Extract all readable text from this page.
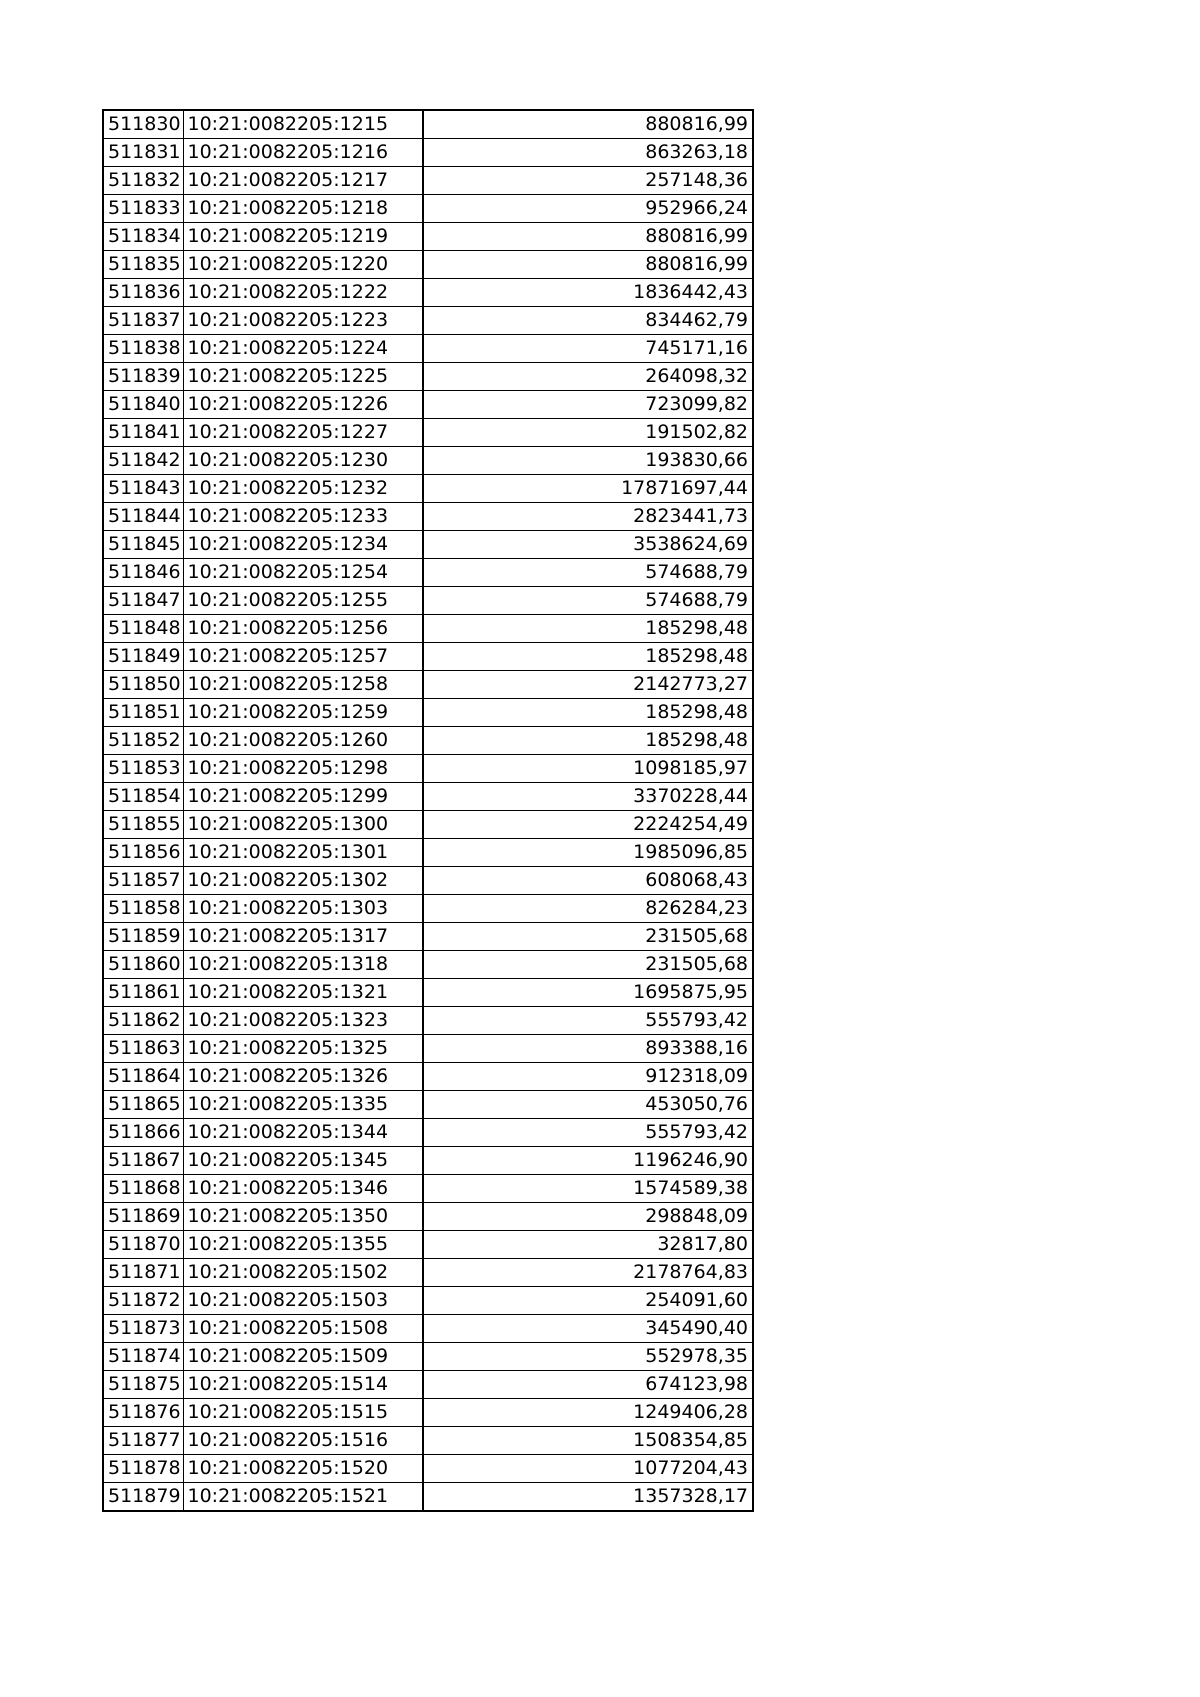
511830	10:21:0082205:1215	880816,99
511831	10:21:0082205:1216	863263,18
511832	10:21:0082205:1217	257148,36
511833	10:21:0082205:1218	952966,24
511834	10:21:0082205:1219	880816,99
511835	10:21:0082205:1220	880816,99
511836	10:21:0082205:1222	1836442,43
511837	10:21:0082205:1223	834462,79
511838	10:21:0082205:1224	745171,16
511839	10:21:0082205:1225	264098,32
511840	10:21:0082205:1226	723099,82
511841	10:21:0082205:1227	191502,82
511842	10:21:0082205:1230	193830,66
511843	10:21:0082205:1232	17871697,44
511844	10:21:0082205:1233	2823441,73
511845	10:21:0082205:1234	3538624,69
511846	10:21:0082205:1254	574688,79
511847	10:21:0082205:1255	574688,79
511848	10:21:0082205:1256	185298,48
511849	10:21:0082205:1257	185298,48
511850	10:21:0082205:1258	2142773,27
511851	10:21:0082205:1259	185298,48
511852	10:21:0082205:1260	185298,48
511853	10:21:0082205:1298	1098185,97
511854	10:21:0082205:1299	3370228,44
511855	10:21:0082205:1300	2224254,49
511856	10:21:0082205:1301	1985096,85
511857	10:21:0082205:1302	608068,43
511858	10:21:0082205:1303	826284,23
511859	10:21:0082205:1317	231505,68
511860	10:21:0082205:1318	231505,68
511861	10:21:0082205:1321	1695875,95
511862	10:21:0082205:1323	555793,42
511863	10:21:0082205:1325	893388,16
511864	10:21:0082205:1326	912318,09
511865	10:21:0082205:1335	453050,76
511866	10:21:0082205:1344	555793,42
511867	10:21:0082205:1345	1196246,90
511868	10:21:0082205:1346	1574589,38
511869	10:21:0082205:1350	298848,09
511870	10:21:0082205:1355	32817,80
511871	10:21:0082205:1502	2178764,83
511872	10:21:0082205:1503	254091,60
511873	10:21:0082205:1508	345490,40
511874	10:21:0082205:1509	552978,35
511875	10:21:0082205:1514	674123,98
511876	10:21:0082205:1515	1249406,28
511877	10:21:0082205:1516	1508354,85
511878	10:21:0082205:1520	1077204,43
511879	10:21:0082205:1521	1357328,17
